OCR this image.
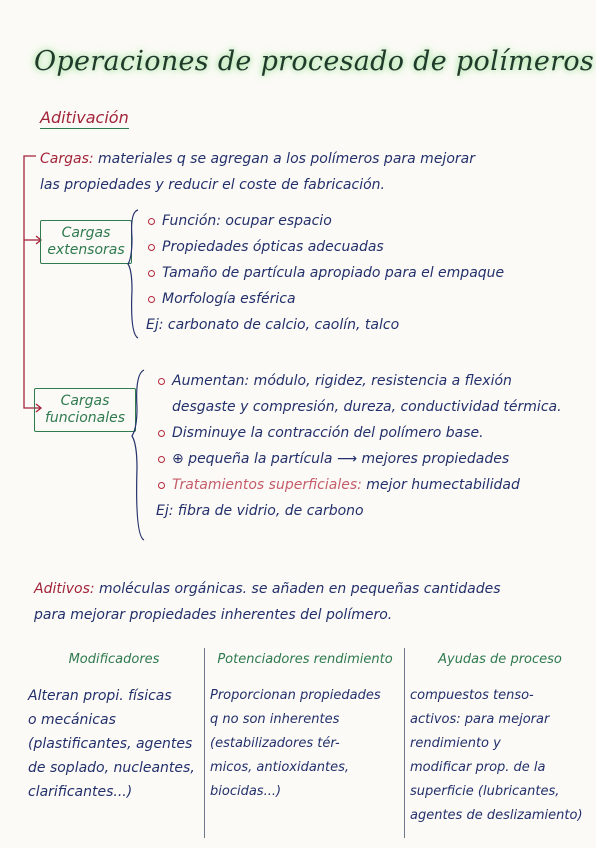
Operaciones de procesado de polímeros
Aditivación
Cargas: materiales q se agregan a los polímeros para mejorar
las propiedades y reducir el coste de fabricación.
Cargas
extensoras
Función: ocupar espacio
Propiedades ópticas adecuadas
Tamaño de partícula apropiado para el empaque
Morfología esférica
Ej: carbonato de calcio, caolín, talco
Cargas
funcionales
Aumentan: módulo, rigidez, resistencia a flexión
desgaste y compresión, dureza, conductividad térmica.
Disminuye la contracción del polímero base.
⊕ pequeña la partícula ⟶ mejores propiedades
Tratamientos superficiales: mejor humectabilidad
Ej: fibra de vidrio, de carbono
Aditivos: moléculas orgánicas. se añaden en pequeñas cantidades
para mejorar propiedades inherentes del polímero.
Modificadores
Alteran propi. físicas
o mecánicas
(plastificantes, agentes
de soplado, nucleantes,
clarificantes...)
Potenciadores rendimiento
Proporcionan propiedades
q no son inherentes
(estabilizadores tér-
micos, antioxidantes,
biocidas...)
Ayudas de proceso
compuestos tenso-
activos: para mejorar
rendimiento y
modificar prop. de la
superficie (lubricantes,
agentes de deslizamiento)
